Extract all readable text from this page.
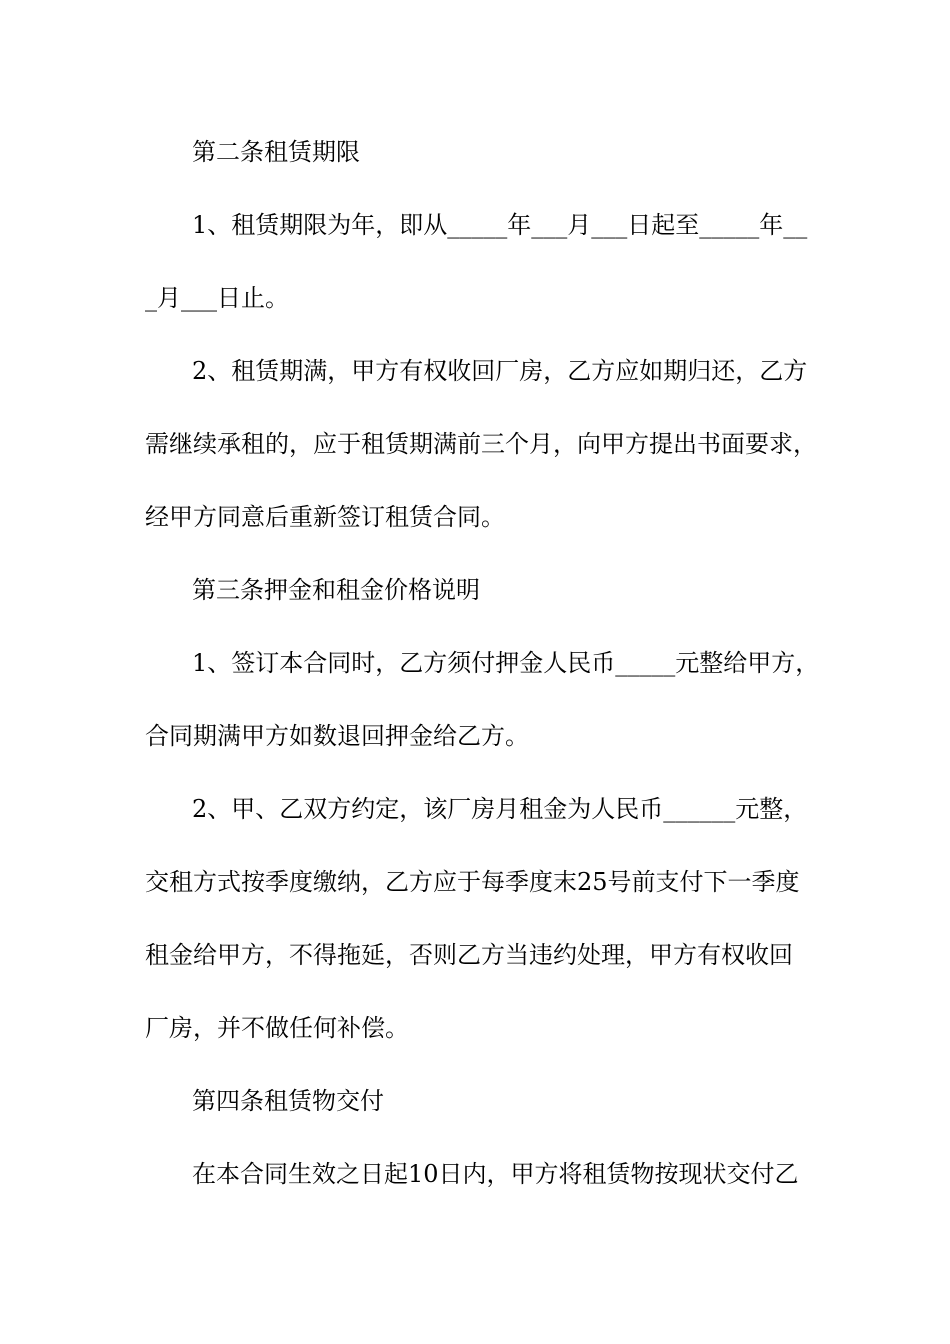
第二条租赁期限
1、租赁期限为年，即从_____年___月___日起至_____年__
_月___日止。
2、租赁期满，甲方有权收回厂房，乙方应如期归还，乙方
需继续承租的，应于租赁期满前三个月，向甲方提出书面要求，
经甲方同意后重新签订租赁合同。
第三条押金和租金价格说明
1、签订本合同时，乙方须付押金人民币_____元整给甲方，
合同期满甲方如数退回押金给乙方。
2、甲、乙双方约定，该厂房月租金为人民币______元整，
交租方式按季度缴纳，乙方应于每季度末25号前支付下一季度
租金给甲方，不得拖延，否则乙方当违约处理，甲方有权收回
厂房，并不做任何补偿。
第四条租赁物交付
在本合同生效之日起10日内，甲方将租赁物按现状交付乙
